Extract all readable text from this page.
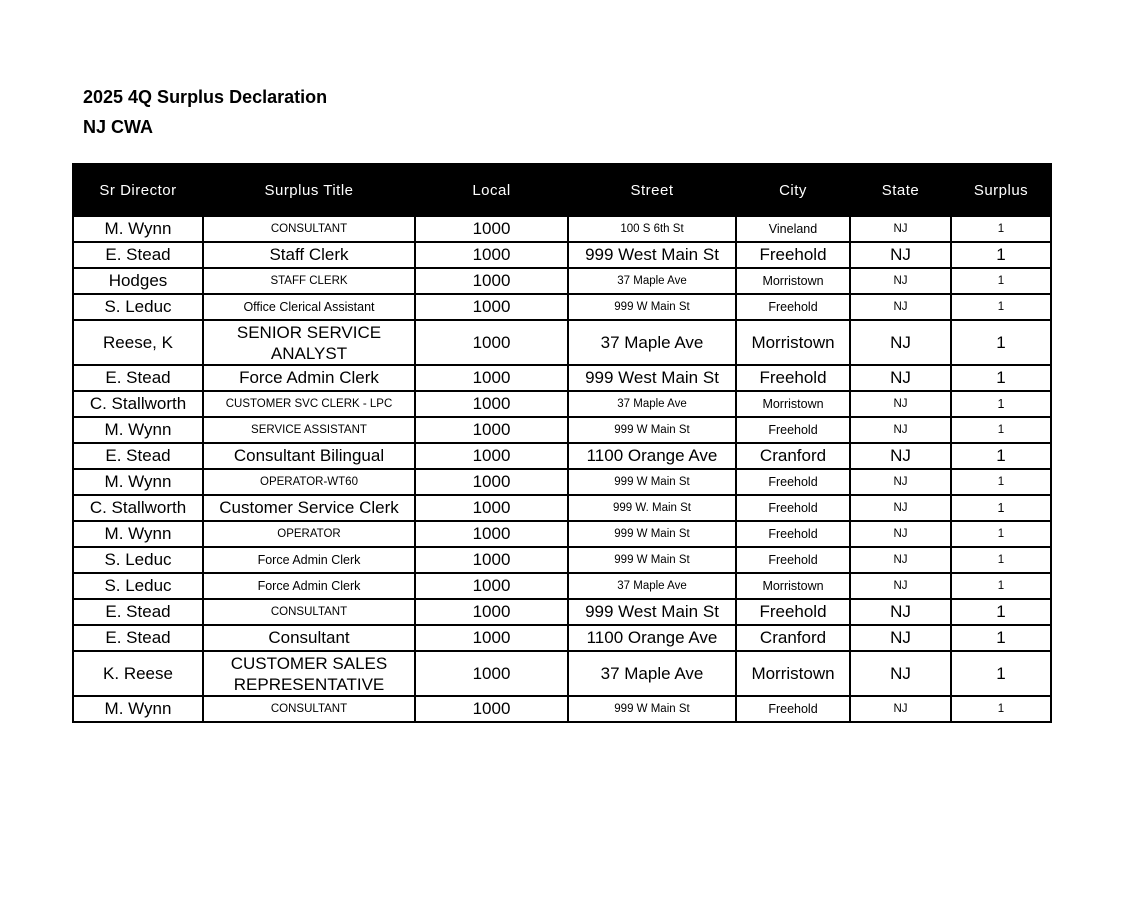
2025 4Q Surplus Declaration
NJ CWA
Sr Director	Surplus Title	Local	Street	City	State	Surplus
M. Wynn	CONSULTANT	1000	100 S 6th St	Vineland	NJ	1
E. Stead	Staff Clerk	1000	999 West Main St	Freehold	NJ	1
Hodges	STAFF CLERK	1000	37 Maple Ave	Morristown	NJ	1
S. Leduc	Office Clerical Assistant	1000	999 W Main St	Freehold	NJ	1
Reese, K	SENIOR SERVICE ANALYST	1000	37 Maple Ave	Morristown	NJ	1
E. Stead	Force Admin Clerk	1000	999 West Main St	Freehold	NJ	1
C. Stallworth	CUSTOMER SVC CLERK - LPC	1000	37 Maple Ave	Morristown	NJ	1
M. Wynn	SERVICE ASSISTANT	1000	999 W Main St	Freehold	NJ	1
E. Stead	Consultant Bilingual	1000	1100 Orange Ave	Cranford	NJ	1
M. Wynn	OPERATOR-WT60	1000	999 W Main St	Freehold	NJ	1
C. Stallworth	Customer Service Clerk	1000	999 W. Main St	Freehold	NJ	1
M. Wynn	OPERATOR	1000	999 W Main St	Freehold	NJ	1
S. Leduc	Force Admin Clerk	1000	999 W Main St	Freehold	NJ	1
S. Leduc	Force Admin Clerk	1000	37 Maple Ave	Morristown	NJ	1
E. Stead	CONSULTANT	1000	999 West Main St	Freehold	NJ	1
E. Stead	Consultant	1000	1100 Orange Ave	Cranford	NJ	1
K. Reese	CUSTOMER SALES REPRESENTATIVE	1000	37 Maple Ave	Morristown	NJ	1
M. Wynn	CONSULTANT	1000	999 W Main St	Freehold	NJ	1
